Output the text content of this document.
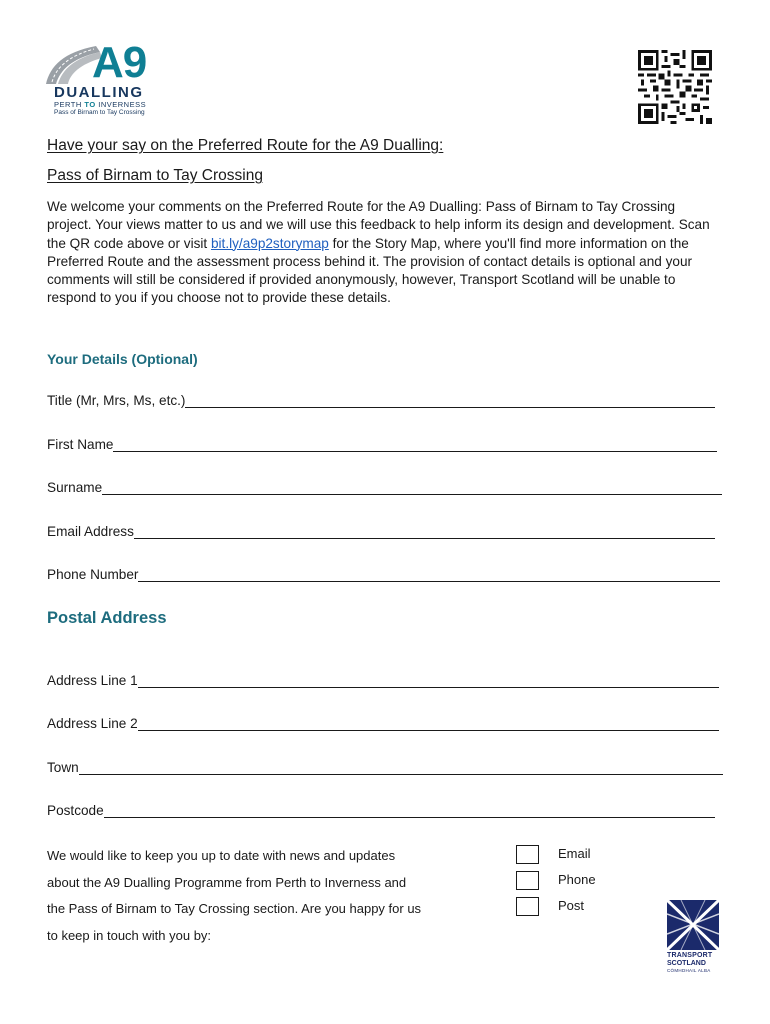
A9
DUALLING
PERTH TO INVERNESS
Pass of Birnam to Tay Crossing
Have your say on the Preferred Route for the A9 Dualling:
Pass of Birnam to Tay Crossing

We welcome your comments on the Preferred Route for the A9 Dualling: Pass of Birnam to Tay Crossing project. Your views matter to us and we will use this feedback to help inform its design and development. Scan the QR code above or visit bit.ly/a9p2storymap for the Story Map, where you'll find more information on the Preferred Route and the assessment process behind it. The provision of contact details is optional and your comments will still be considered if provided anonymously, however, Transport Scotland will be unable to respond to you if you choose not to provide these details.

Your Details (Optional)
Title (Mr, Mrs, Ms, etc.)
First Name
Surname
Email Address
Phone Number
Postal Address
Address Line 1
Address Line 2
Town
Postcode
We would like to keep you up to date with news and updates
about the A9 Dualling Programme from Perth to Inverness and
the Pass of Birnam to Tay Crossing section. Are you happy for us
to keep in touch with you by:
Email
Phone
Post
TRANSPORT
SCOTLAND
CÒMHDHAIL ALBA
